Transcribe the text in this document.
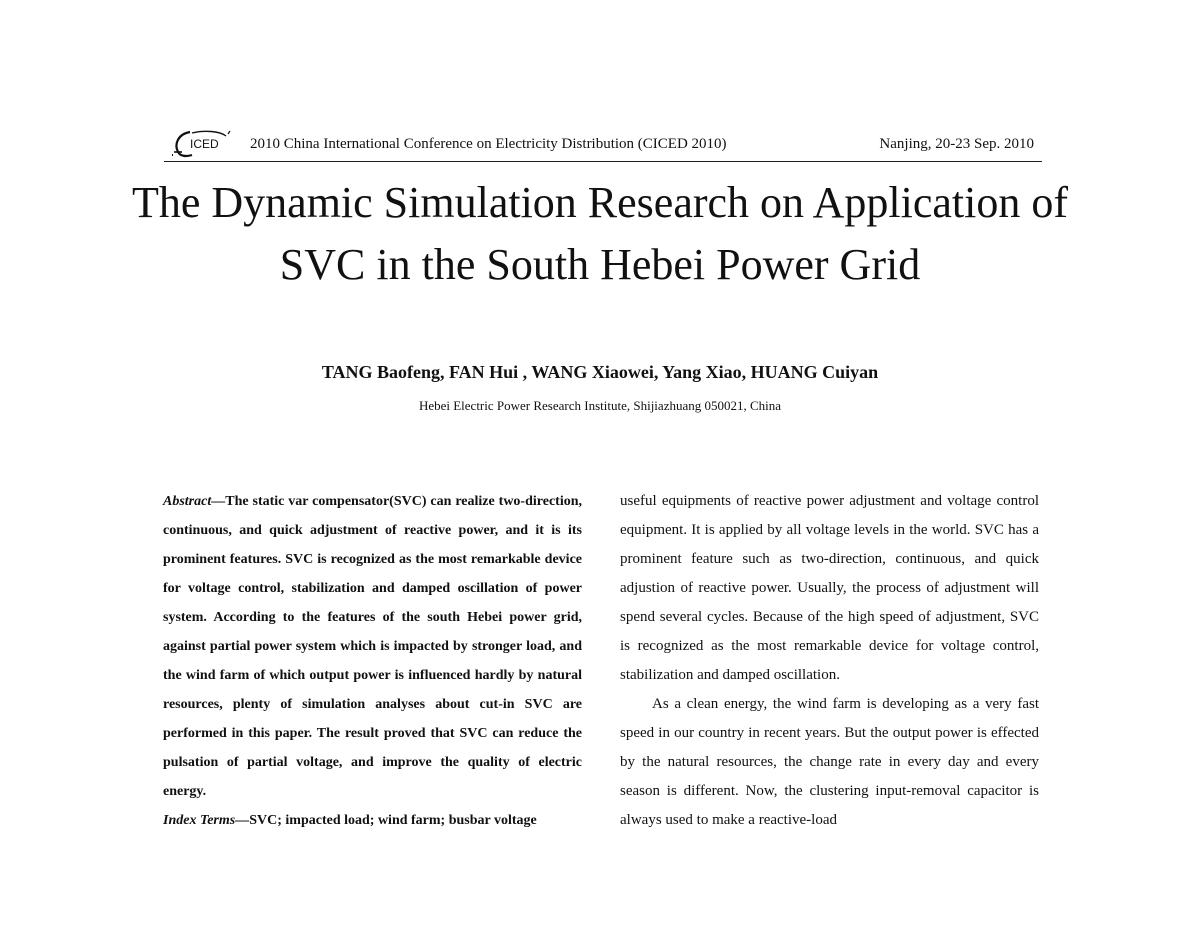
ICED 2010 China International Conference on Electricity Distribution (CICED 2010)	Nanjing, 20-23 Sep. 2010
The Dynamic Simulation Research on Application of SVC in the South Hebei Power Grid
TANG Baofeng, FAN Hui , WANG Xiaowei, Yang Xiao, HUANG Cuiyan
Hebei Electric Power Research Institute, Shijiazhuang 050021, China

Abstract—The static var compensator(SVC) can realize two-direction, continuous, and quick adjustment of reactive power, and it is its prominent features. SVC is recognized as the most remarkable device for voltage control, stabilization and damped oscillation of power system. According to the features of the south Hebei power grid, against partial power system which is impacted by stronger load, and the wind farm of which output power is influenced hardly by natural resources, plenty of simulation analyses about cut-in SVC are performed in this paper. The result proved that SVC can reduce the pulsation of partial voltage, and improve the quality of electric energy.

Index Terms—SVC; impacted load; wind farm; busbar voltage

useful equipments of reactive power adjustment and voltage control equipment. It is applied by all voltage levels in the world. SVC has a prominent feature such as two-direction, continuous, and quick adjustion of reactive power. Usually, the process of adjustment will spend several cycles. Because of the high speed of adjustment, SVC is recognized as the most remarkable device for voltage control, stabilization and damped oscillation.

As a clean energy, the wind farm is developing as a very fast speed in our country in recent years. But the output power is effected by the natural resources, the change rate in every day and every season is different. Now, the clustering input-removal capacitor is always used to make a reactive-load
